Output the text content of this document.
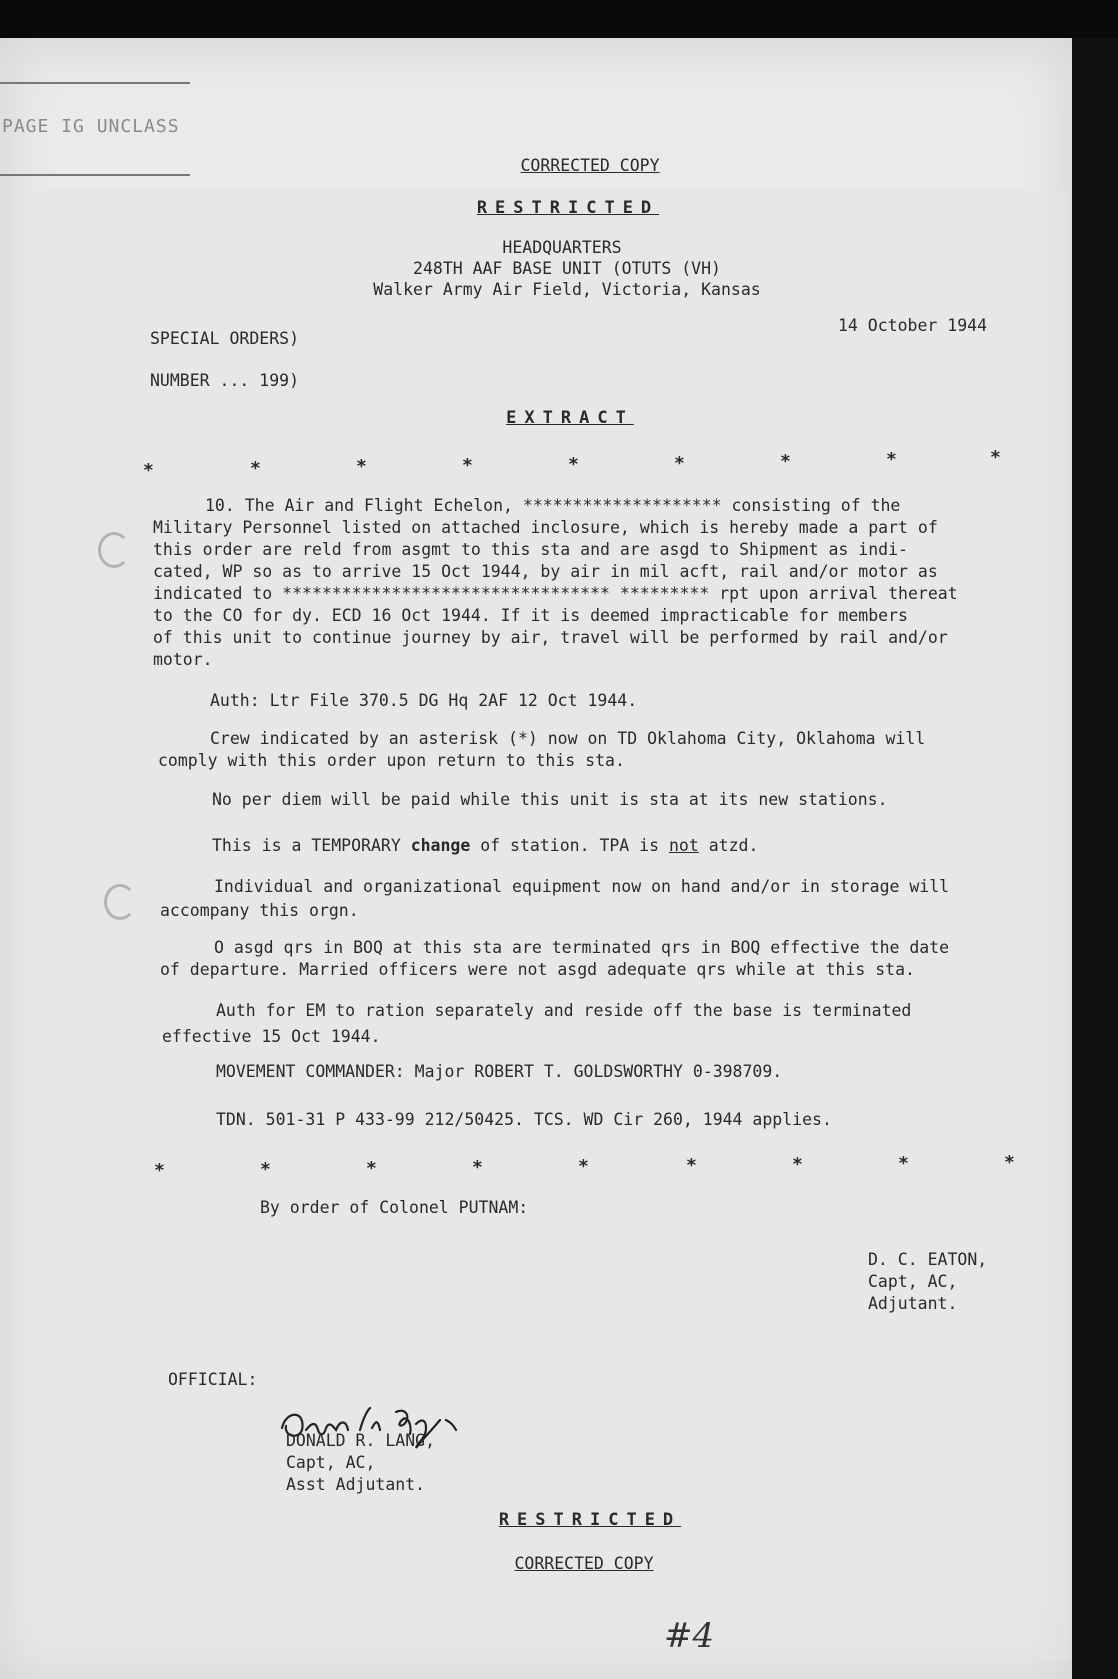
PAGE IG UNCLASS
CORRECTED COPY
RESTRICTED
HEADQUARTERS
248TH AAF BASE UNIT (OTUTS (VH)
Walker Army Air Field, Victoria, Kansas
SPECIAL ORDERS)
14 October 1944
NUMBER ... 199)
EXTRACT
*	*	*	*	*	*	*	*	*
10. The Air and Flight Echelon, ******************** consisting of the
Military Personnel listed on attached inclosure, which is hereby made a part of
this order are reld from asgmt to this sta and are asgd to Shipment as indi-
cated, WP so as to arrive 15 Oct 1944, by air in mil acft, rail and/or motor as
indicated to ********************************* ********* rpt upon arrival thereat
to the CO for dy. ECD 16 Oct 1944. If it is deemed impracticable for members
of this unit to continue journey by air, travel will be performed by rail and/or
motor.
Auth: Ltr File 370.5 DG Hq 2AF 12 Oct 1944.
Crew indicated by an asterisk (*) now on TD Oklahoma City, Oklahoma will
comply with this order upon return to this sta.
No per diem will be paid while this unit is sta at its new stations.
This is a TEMPORARY change of station. TPA is not atzd.
Individual and organizational equipment now on hand and/or in storage will
accompany this orgn.
O asgd qrs in BOQ at this sta are terminated qrs in BOQ effective the date
of departure. Married officers were not asgd adequate qrs while at this sta.
Auth for EM to ration separately and reside off the base is terminated
effective 15 Oct 1944.
MOVEMENT COMMANDER: Major ROBERT T. GOLDSWORTHY 0-398709.
TDN. 501-31 P 433-99 212/50425. TCS. WD Cir 260, 1944 applies.
*	*	*	*	*	*	*	*	*
By order of Colonel PUTNAM:
D. C. EATON,
Capt, AC,
Adjutant.
OFFICIAL:
DONALD R. LANG,
Capt, AC,
Asst Adjutant.
RESTRICTED
CORRECTED COPY
#4
